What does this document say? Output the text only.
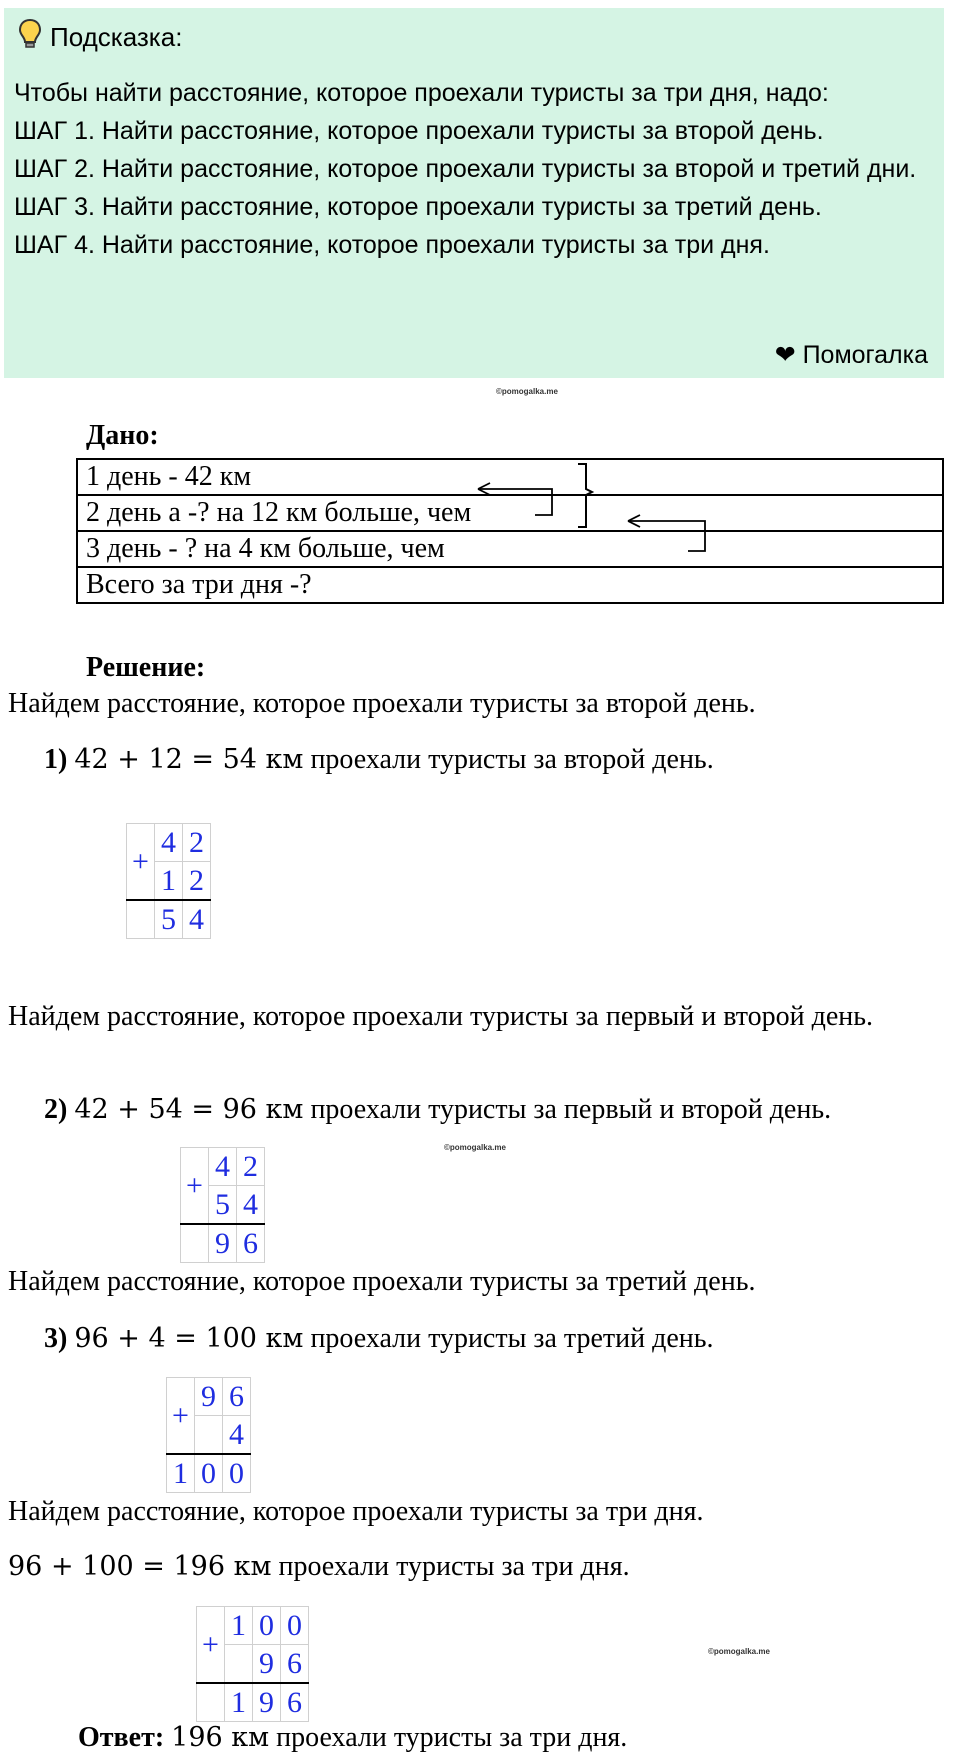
Подсказка:
Чтобы найти расстояние, которое проехали туристы за три дня, надо:
ШАГ 1. Найти расстояние, которое проехали туристы за второй день.
ШАГ 2. Найти расстояние, которое проехали туристы за второй и третий дни.
ШАГ 3. Найти расстояние, которое проехали туристы за третий день.
ШАГ 4. Найти расстояние, которое проехали туристы за три дня.
❤ Помогалка
©pomogalka.me
Дано:
1 день - 42 км
2 день а -? на 12 км больше, чем
3 день - ? на 4 км больше, чем
Всего за три дня -?
Решение:
Найдем расстояние, которое проехали туристы за второй день.
1) 42 + 12 = 54 км проехали туристы за второй день.
+	4	2
	1	2
	5	4
Найдем расстояние, которое проехали туристы за первый и второй день.
2) 42 + 54 = 96 км проехали туристы за первый и второй день.
©pomogalka.me
+	4	2
	5	4
	9	6
Найдем расстояние, которое проехали туристы за третий день.
3) 96 + 4 = 100 км проехали туристы за третий день.
+	9	6
		4
1	0	0
Найдем расстояние, которое проехали туристы за три дня.
96 + 100 = 196 км проехали туристы за три дня.
+	1	0	0
		9	6
	1	9	6
©pomogalka.me
Ответ: 196 км проехали туристы за три дня.
